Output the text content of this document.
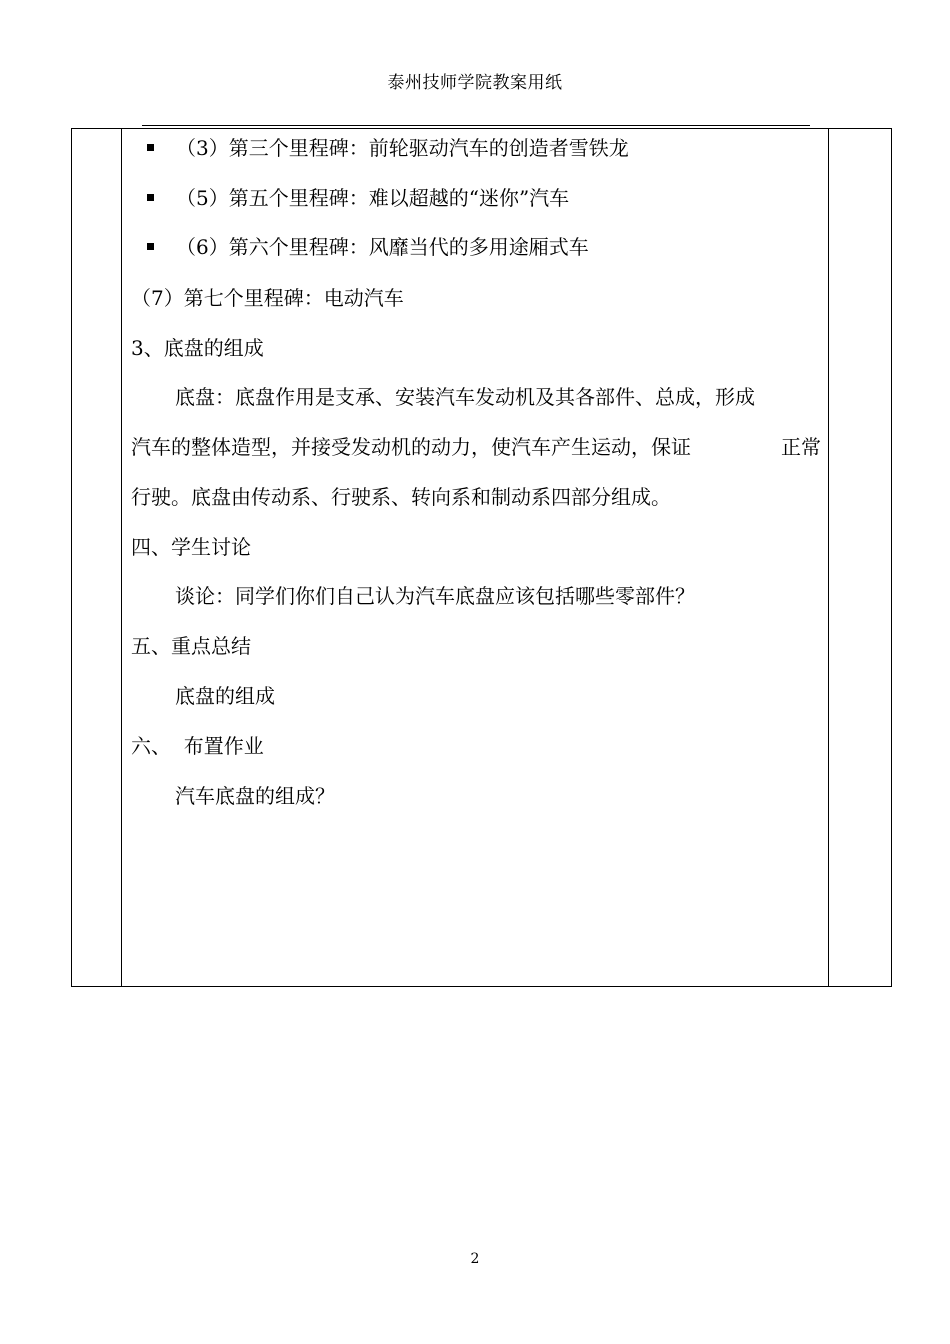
泰州技师学院教案用纸
（3）第三个里程碑：前轮驱动汽车的创造者雪铁龙
（5）第五个里程碑：难以超越的“迷你”汽车
（6）第六个里程碑：风靡当代的多用途厢式车
（7）第七个里程碑：电动汽车
3、底盘的组成
底盘：底盘作用是支承、安装汽车发动机及其各部件、总成，形成
汽车的整体造型，并接受发动机的动力，使汽车产生运动，保证	正常
行驶。底盘由传动系、行驶系、转向系和制动系四部分组成。
四、学生讨论
谈论：同学们你们自己认为汽车底盘应该包括哪些零部件？
五、重点总结
底盘的组成
六、  布置作业
汽车底盘的组成？
2
